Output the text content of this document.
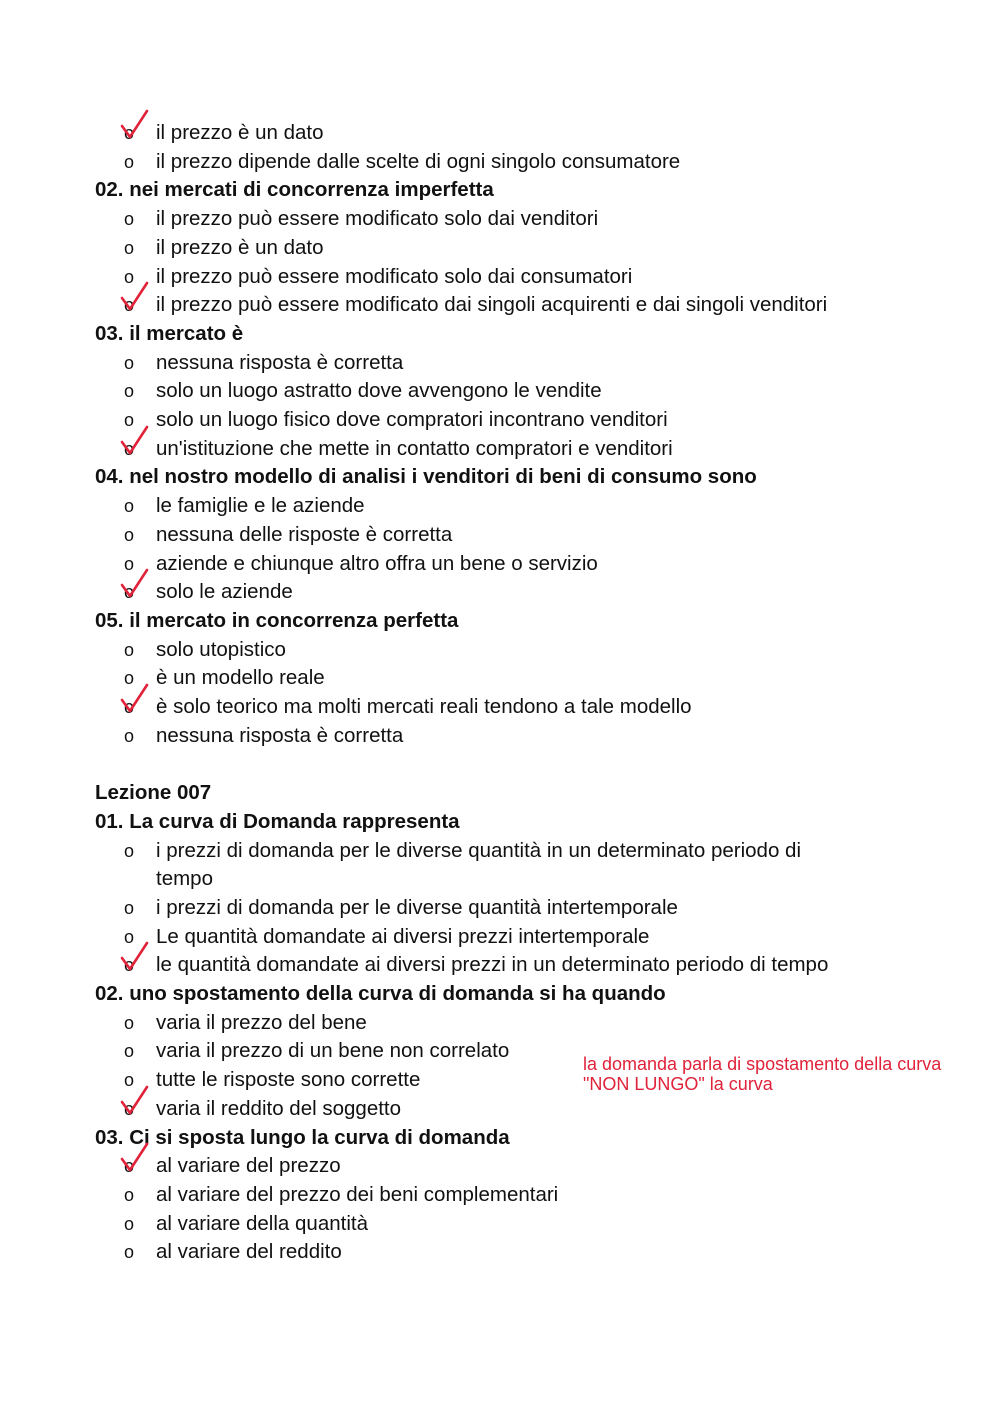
o il prezzo è un dato
o il prezzo dipende dalle scelte di ogni singolo consumatore
02. nei mercati di concorrenza imperfetta
o il prezzo può essere modificato solo dai venditori
o il prezzo è un dato
o il prezzo può essere modificato solo dai consumatori
o il prezzo può essere modificato dai singoli acquirenti e dai singoli venditori
03. il mercato è
o nessuna risposta è corretta
o solo un luogo astratto dove avvengono le vendite
o solo un luogo fisico dove compratori incontrano venditori
o un'istituzione che mette in contatto compratori e venditori
04. nel nostro modello di analisi i venditori di beni di consumo sono
o le famiglie e le aziende
o nessuna delle risposte è corretta
o aziende e chiunque altro offra un bene o servizio
o solo le aziende
05. il mercato in concorrenza perfetta
o solo utopistico
o è un modello reale
o è solo teorico ma molti mercati reali tendono a tale modello
o nessuna risposta è corretta
Lezione 007
01. La curva di Domanda rappresenta
o i prezzi di domanda per le diverse quantità in un determinato periodo di tempo
o i prezzi di domanda per le diverse quantità intertemporale
o Le quantità domandate ai diversi prezzi intertemporale
o le quantità domandate ai diversi prezzi in un determinato periodo di tempo
02. uno spostamento della curva di domanda si ha quando
o varia il prezzo del bene
o varia il prezzo di un bene non correlato
o tutte le risposte sono corrette
o varia il reddito del soggetto
03. Ci si sposta lungo la curva di domanda
o al variare del prezzo
o al variare del prezzo dei beni complementari
o al variare della quantità
o al variare del reddito
la domanda parla di spostamento della curva
"NON LUNGO" la curva
